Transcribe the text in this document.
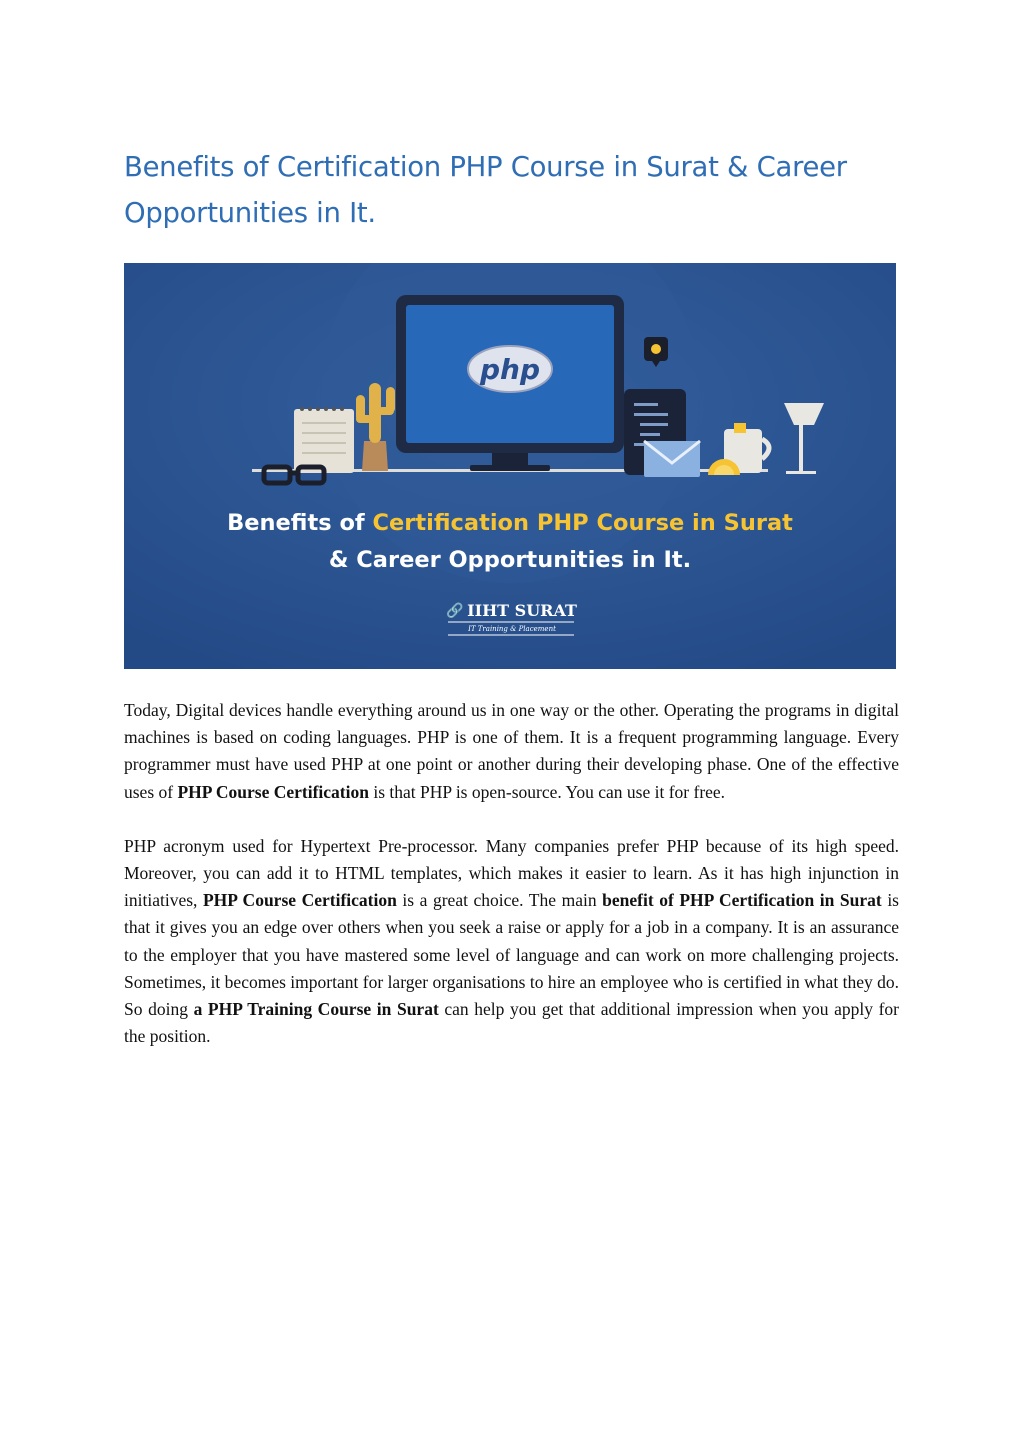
Benefits of Certification PHP Course in Surat & Career Opportunities in It.
php
Benefits of Certification PHP Course in Surat
& Career Opportunities in It.
IIHT SURAT
🔗
IT Training & Placement

Today, Digital devices handle everything around us in one way or the other. Operating the programs in digital machines is based on coding languages. PHP is one of them. It is a frequent programming language. Every programmer must have used PHP at one point or another during their developing phase. One of the effective uses of PHP Course Certification is that PHP is open-source. You can use it for free.

PHP acronym used for Hypertext Pre-processor. Many companies prefer PHP because of its high speed. Moreover, you can add it to HTML templates, which makes it easier to learn. As it has high injunction in initiatives, PHP Course Certification is a great choice. The main benefit of PHP Certification in Surat is that it gives you an edge over others when you seek a raise or apply for a job in a company. It is an assurance to the employer that you have mastered some level of language and can work on more challenging projects. Sometimes, it becomes important for larger organisations to hire an employee who is certified in what they do. So doing a PHP Training Course in Surat can help you get that additional impression when you apply for the position.
